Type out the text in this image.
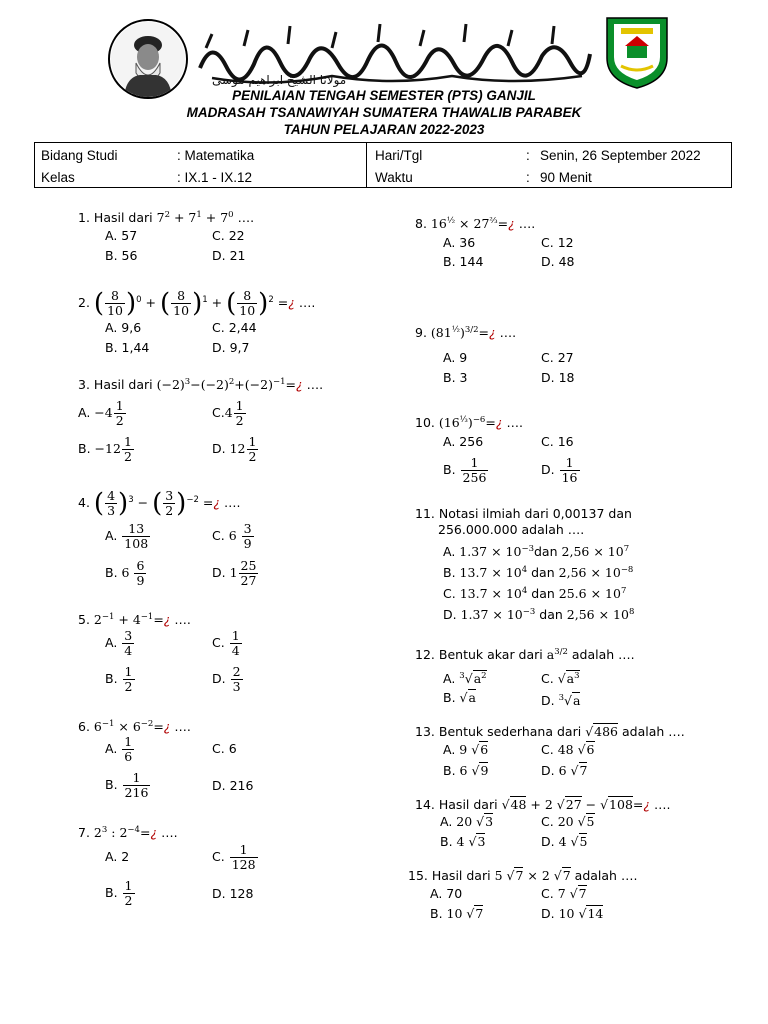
مولانا الشيخ ابراهيم موسى
PENILAIAN TENGAH SEMESTER (PTS) GANJIL
MADRASAH TSANAWIYAH SUMATERA THAWALIB PARABEK
TAHUN PELAJARAN 2022-2023
Bidang Studi	: Matematika
Kelas	: IX.1 - IX.12
Hari/Tgl	: Senin, 26 September 2022
Waktu	: 90 Menit
1. Hasil dari $7^2 + 7^1 + 7^0$ ….
A. 57	C. 22
B. 56	D. 21
2. ( $\frac{8}{10} )^0$ + ( $\frac{8}{10} )^1$ + ( $\frac{8}{10} )^2$ =¿ ….
A. 9,6	C. 2,44
B. 1,44	D. 9,7
3. Hasil dari $(-2)^3-(-2)^2+(-2)^{-1}=¿$ ….
A. $-4 \frac{1}{2}$	$C.4 \frac{1}{2}$
B. $-12 \frac{1}{2}$	D. $12 \frac{1}{2}$
4. ( $\frac{4}{3} )^3$ − ( $\frac{3}{2} )^{-2}$ =¿ ….
A. $\frac{13}{108}$	C. $6 \frac{3}{9}$
B. $6 \frac{6}{9}$	D. $1 \frac{25}{27}$
5. $2^{-1}$ + $4^{-1}=¿$ ….
A. $\frac{3}{4}$	C. $\frac{1}{4}$
B. $\frac{1}{2}$	D. $\frac{2}{3}$
6. $6^{-1}$ × $6^{-2}=¿$ ….
A. $\frac{1}{6}$	C. 6
B. $\frac{1}{216}$	D. 216
7. $2^3$ : $2^{-4}=¿$ ….
A. 2	C. $\frac{1}{128}$
B. $\frac{1}{2}$	D. 128
8. $16^{\frac{1}{2}}$ × $27^{\frac{2}{3}}=¿$ ….
A. 36	C. 12
B. 144	D. 48
9. $(81^{\frac{1}{2}})^{3/2}=¿$ ….
A. 9	C. 27
B. 3	D. 18
10. $(16^{\frac{1}{3}})^{-6}=¿$ ….
A. 256	C. 16
B. $\frac{1}{256}$	D. $\frac{1}{16}$
11. Notasi ilmiah dari 0,00137 dan
256.000.000 adalah ….
A. $1.37 \times 10^{-3}dan$ $2,56 \times 10^7$
B. $13.7 \times 10^4$ dan $2,56 \times 10^{-8}$
C. $13.7 \times 10^4$ dan $25.6 \times 10^7$
D. $1.37 \times 10^{-3}$ dan $2,56 \times 10^8$
12. Bentuk akar dari $a^{3/2}$ adalah ….
A. $^3√a^2$	C. $√a^3$
B. √a	D. $^3$√a
13. Bentuk sederhana dari √486 adalah ….
A. 9 √6	C. 48 √6
B. 6 √9	D. 6 √7
14. Hasil dari √48 + 2 √27 − √108=¿ ….
A. 20 √3	C. 20 √5
B. 4 √3	D. 4 √5
15. Hasil dari 5 √7 × 2 √7 adalah ….
A. 70	C. 7 √7
B. 10 √7	D. 10 √14
